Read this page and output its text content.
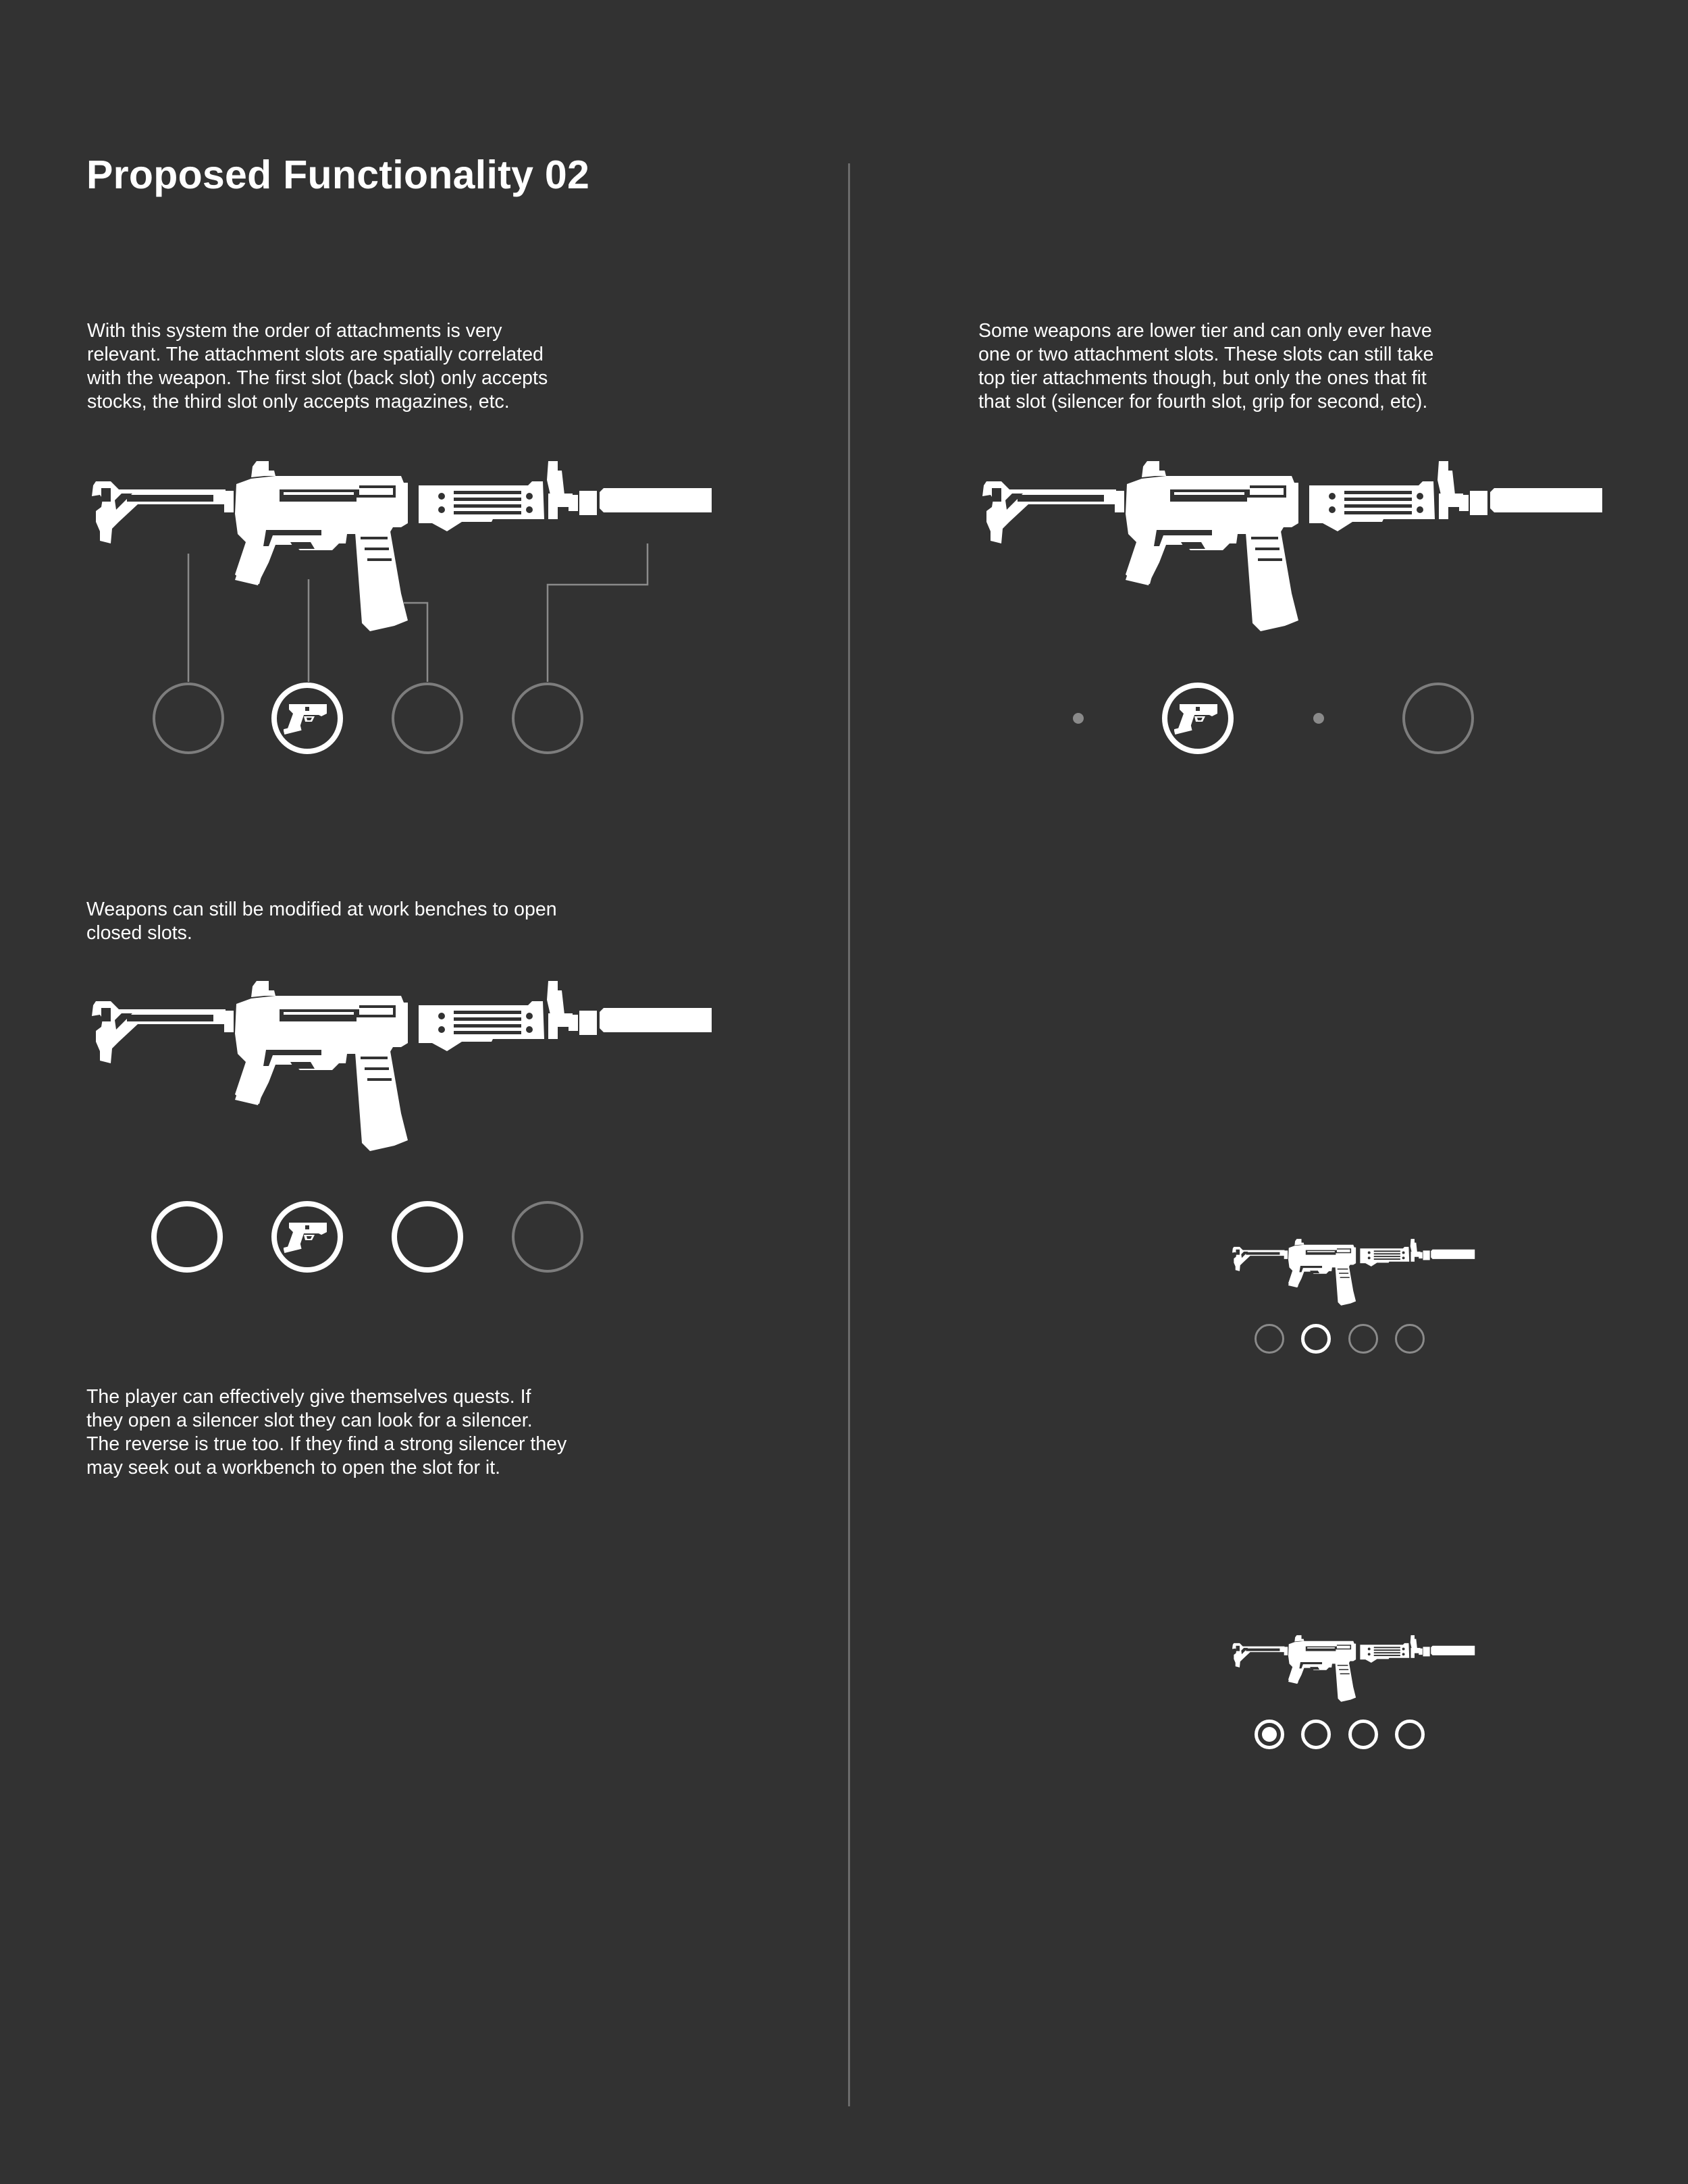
Proposed Functionality 02
With this system the order of attachments is very
relevant. The attachment slots are spatially correlated
with the weapon. The first slot (back slot) only accepts
stocks, the third slot only accepts magazines, etc.
Some weapons are lower tier and can only ever have
one or two attachment slots. These slots can still take
top tier attachments though, but only the ones that fit
that slot (silencer for fourth slot, grip for second, etc).
Weapons can still be modified at work benches to open
closed slots.
The player can effectively give themselves quests. If
they open a silencer slot they can look for a silencer.
The reverse is true too. If they find a strong silencer they
may seek out a workbench to open the slot for it.
